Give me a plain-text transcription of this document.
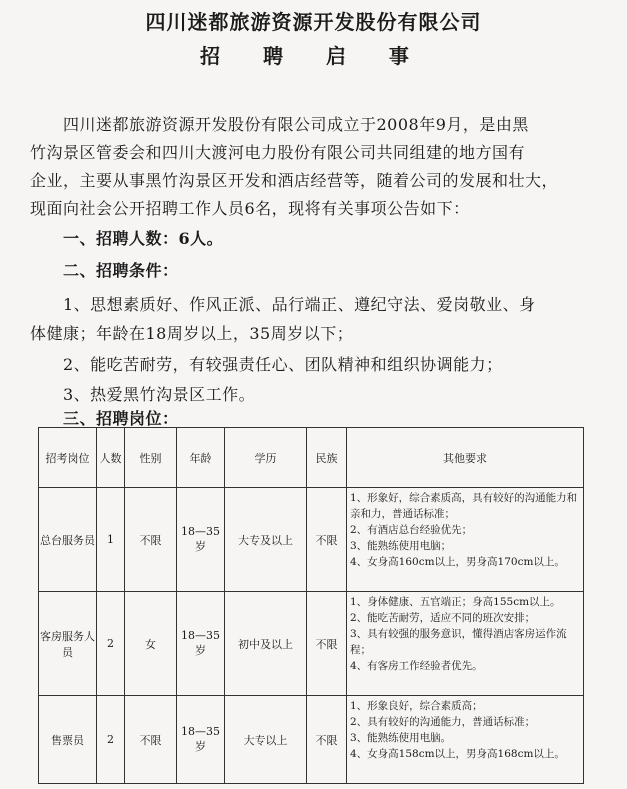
四川迷都旅游资源开发股份有限公司
招 聘 启 事
四川迷都旅游资源开发股份有限公司成立于2008年9月，是由黑
竹沟景区管委会和四川大渡河电力股份有限公司共同组建的地方国有
企业，主要从事黑竹沟景区开发和酒店经营等，随着公司的发展和壮大，
现面向社会公开招聘工作人员6名，现将有关事项公告如下：
一、招聘人数：6人。
二、招聘条件：
1、思想素质好、作风正派、品行端正、遵纪守法、爱岗敬业、身
体健康；年龄在18周岁以上，35周岁以下；
2、能吃苦耐劳，有较强责任心、团队精神和组织协调能力；
3、热爱黑竹沟景区工作。
三、招聘岗位：
招考岗位	人数	性别	年龄	学历	民族	其他要求
总台服务员	1	不限	18—35岁	大专及以上	不限	1、形象好，综合素质高，具有较好的沟通能力和亲和力，普通话标准；
2、有酒店总台经验优先；
3、能熟练使用电脑；
4、女身高160cm以上，男身高170cm以上。

客房服务人员	2	女	18—35岁	初中及以上	不限	1、身体健康、五官端正；身高155cm以上。
2、能吃苦耐劳，适应不同的班次安排；
3、具有较强的服务意识，懂得酒店客房运作流程；
4、有客房工作经验者优先。

售票员	2	不限	18—35岁	大专以上	不限	1、形象良好，综合素质高；
2、具有较好的沟通能力，普通话标准；
3、能熟练使用电脑。
4、女身高158cm以上，男身高168cm以上。
